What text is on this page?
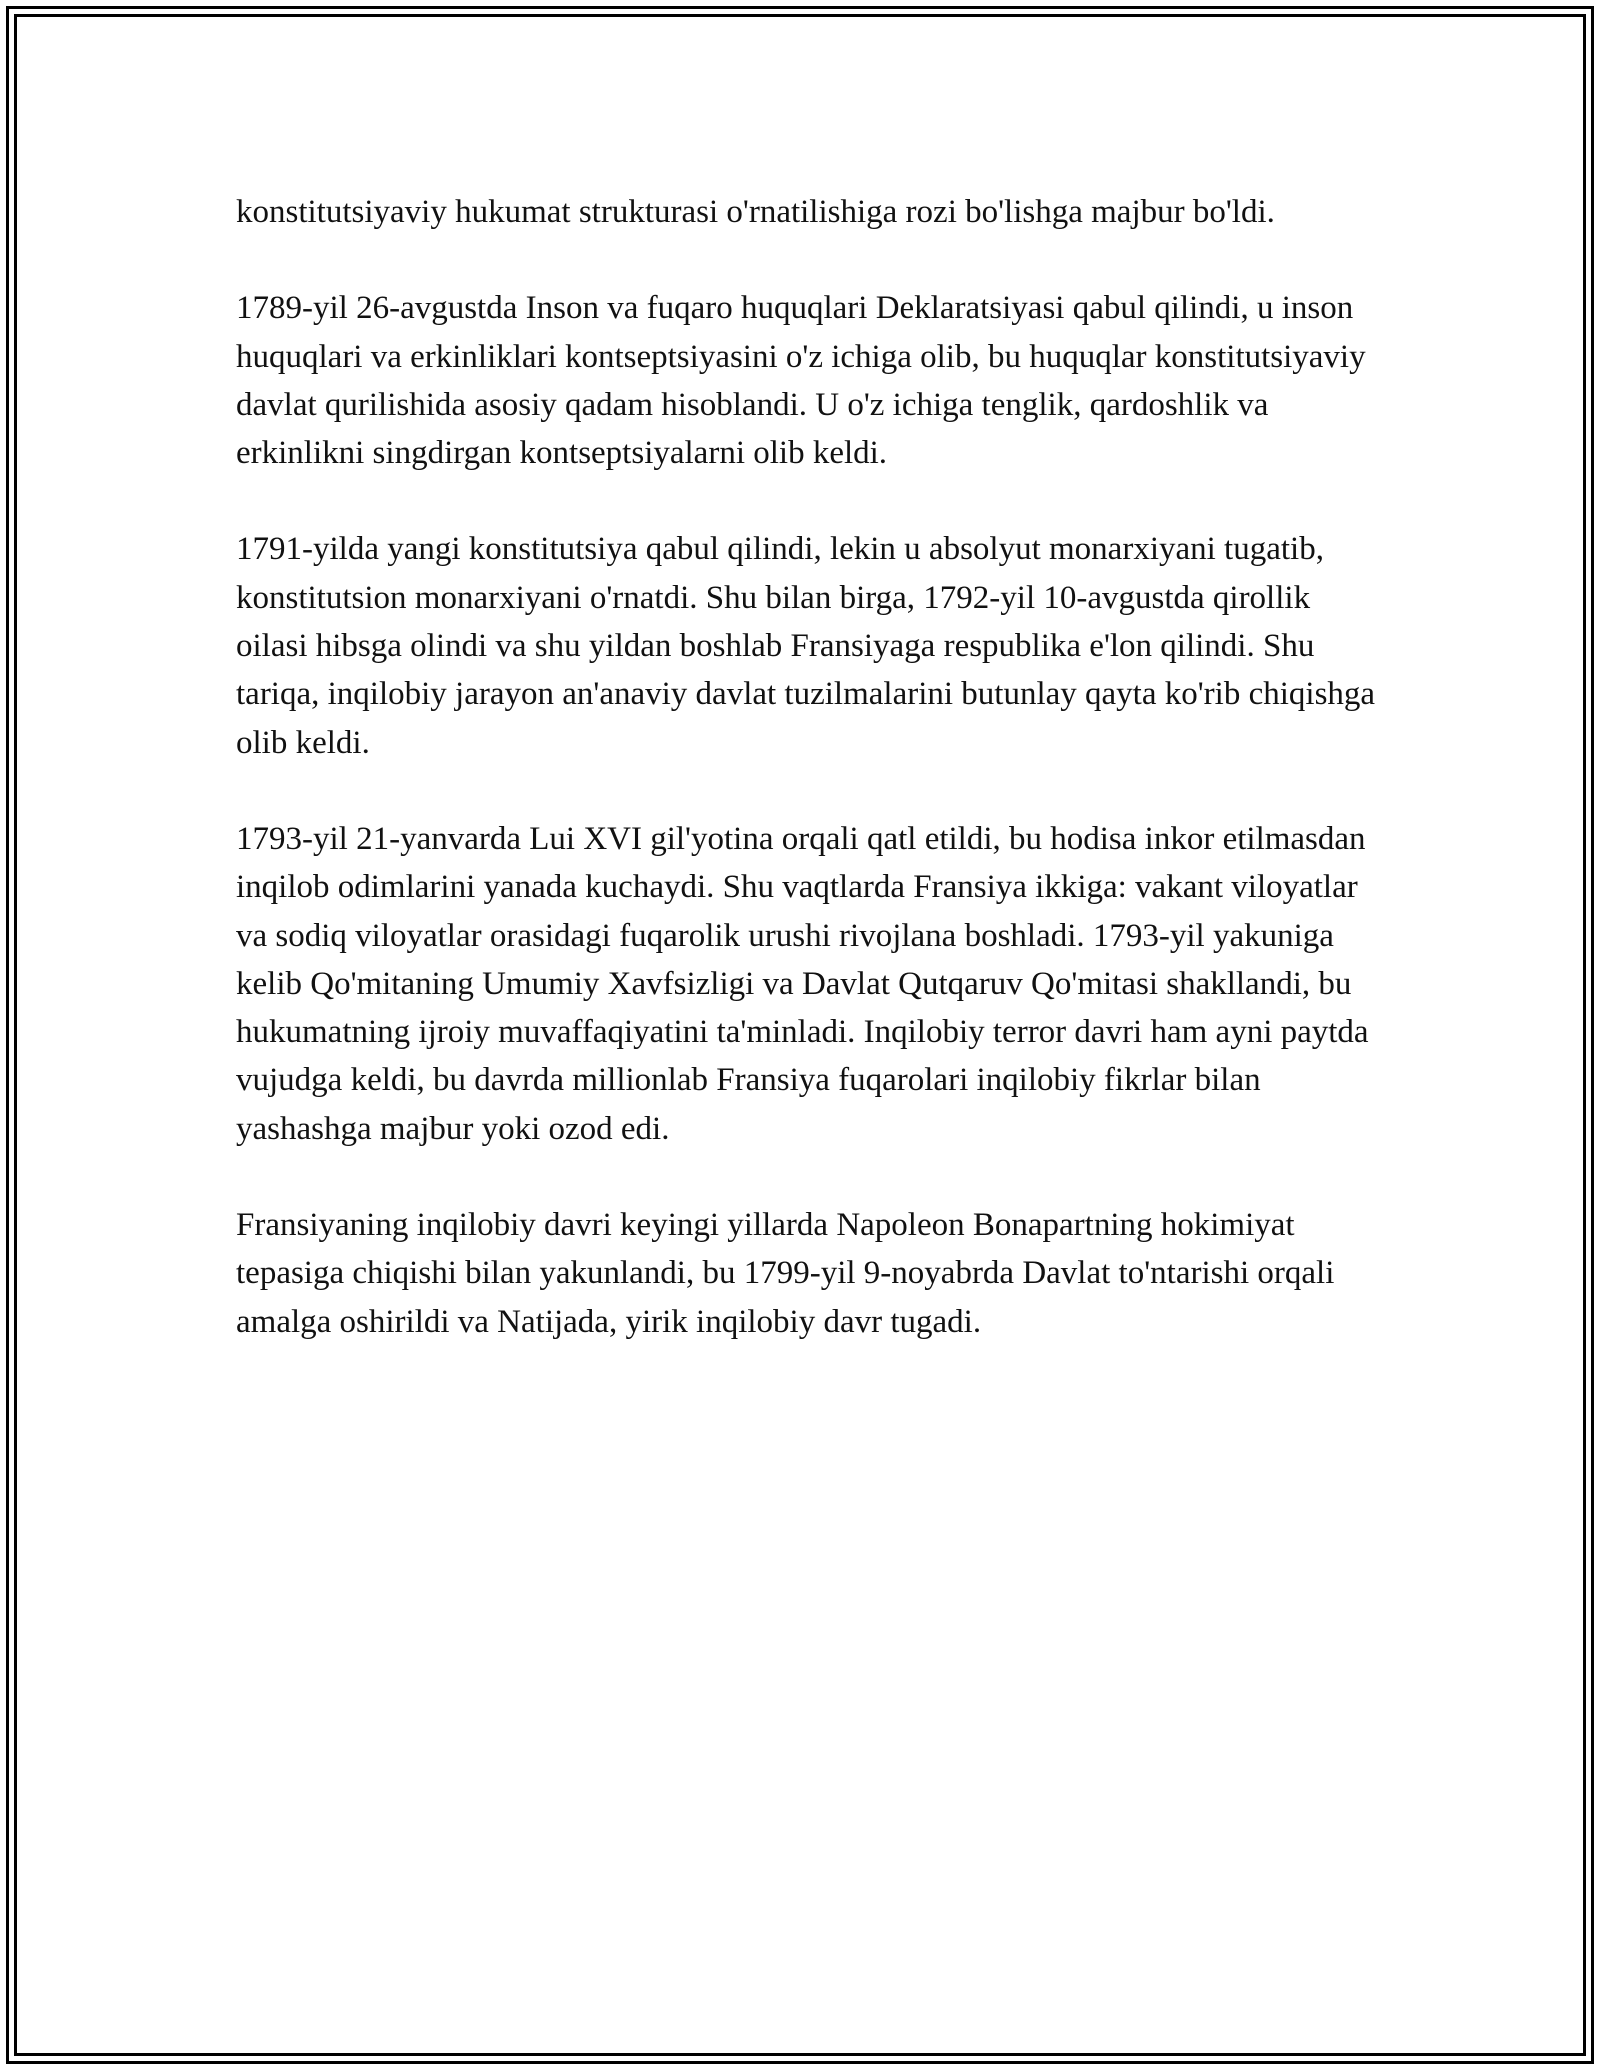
konstitutsiyaviy hukumat strukturasi o'rnatilishiga rozi bo'lishga majbur bo'ldi.

1789-yil 26-avgustda Inson va fuqaro huquqlari Deklaratsiyasi qabul qilindi, u inson huquqlari va erkinliklari kontseptsiyasini o'z ichiga olib, bu huquqlar konstitutsiyaviy davlat qurilishida asosiy qadam hisoblandi. U o'z ichiga tenglik, qardoshlik va erkinlikni singdirgan kontseptsiyalarni olib keldi.

1791-yilda yangi konstitutsiya qabul qilindi, lekin u absolyut monarxiyani tugatib, konstitutsion monarxiyani o'rnatdi. Shu bilan birga, 1792-yil 10-avgustda qirollik oilasi hibsga olindi va shu yildan boshlab Fransiyaga respublika e'lon qilindi. Shu tariqa, inqilobiy jarayon an'anaviy davlat tuzilmalarini butunlay qayta ko'rib chiqishga olib keldi.

1793-yil 21-yanvarda Lui XVI gil'yotina orqali qatl etildi, bu hodisa inkor etilmasdan inqilob odimlarini yanada kuchaydi. Shu vaqtlarda Fransiya ikkiga: vakant viloyatlar va sodiq viloyatlar orasidagi fuqarolik urushi rivojlana boshladi. 1793-yil yakuniga kelib Qo'mitaning Umumiy Xavfsizligi va Davlat Qutqaruv Qo'mitasi shakllandi, bu hukumatning ijroiy muvaffaqiyatini ta'minladi. Inqilobiy terror davri ham ayni paytda vujudga keldi, bu davrda millionlab Fransiya fuqarolari inqilobiy fikrlar bilan yashashga majbur yoki ozod edi.

Fransiyaning inqilobiy davri keyingi yillarda Napoleon Bonapartning hokimiyat tepasiga chiqishi bilan yakunlandi, bu 1799-yil 9-noyabrda Davlat to'ntarishi orqali amalga oshirildi va Natijada, yirik inqilobiy davr tugadi.
